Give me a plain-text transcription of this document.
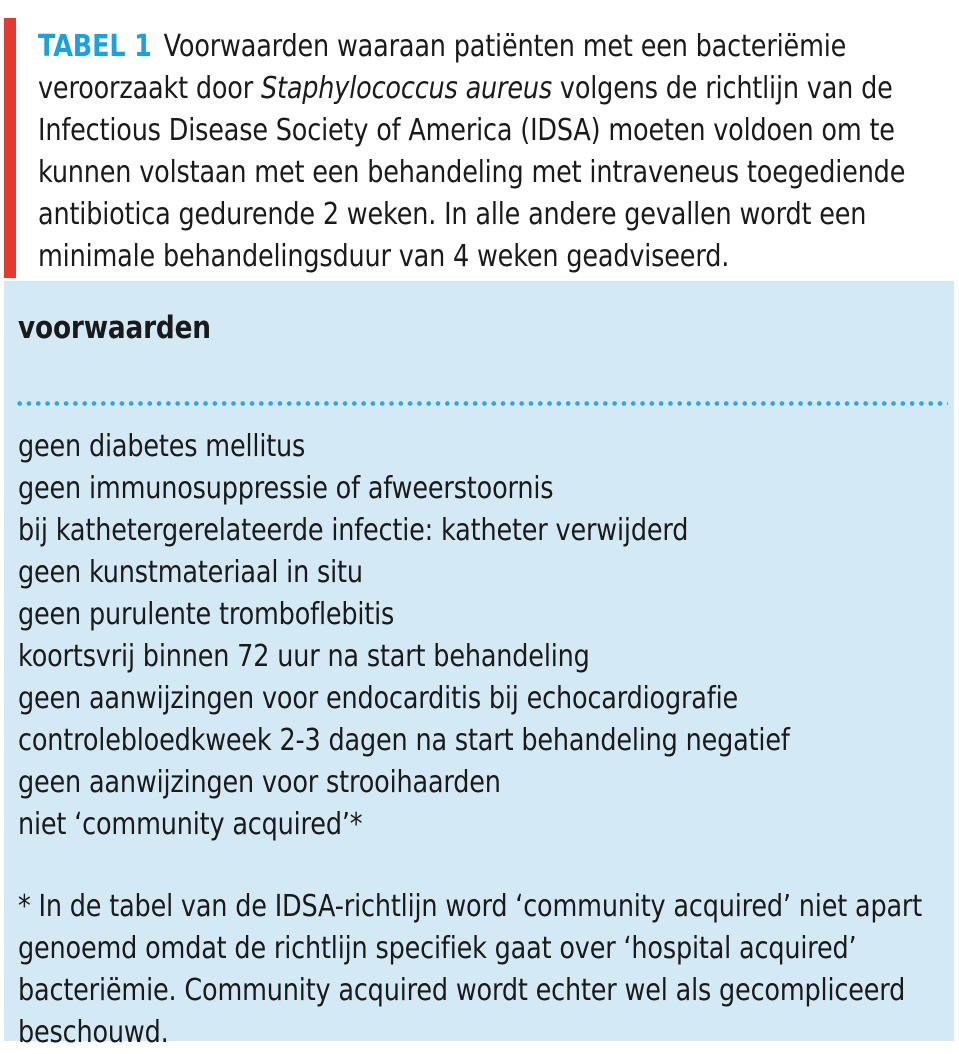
TABEL 1 Voorwaarden waaraan patiënten met een bacteriëmie veroorzaakt door Staphylococcus aureus volgens de richtlijn van de Infectious Disease Society of America (IDSA) moeten voldoen om te kunnen volstaan met een behandeling met intraveneus toegediende antibiotica gedurende 2 weken. In alle andere gevallen wordt een minimale behandelingsduur van 4 weken geadviseerd.

voorwaarden
geen diabetes mellitus
geen immunosuppressie of afweerstoornis
bij kathetergerelateerde infectie: katheter verwijderd
geen kunstmateriaal in situ
geen purulente tromboflebitis
koortsvrij binnen 72 uur na start behandeling
geen aanwijzingen voor endocarditis bij echocardiografie
controlebloedkweek 2-3 dagen na start behandeling negatief
geen aanwijzingen voor strooihaarden
niet ‘community acquired’*

* In de tabel van de IDSA-richtlijn word ‘community acquired’ niet apart genoemd omdat de richtlijn specifiek gaat over ‘hospital acquired’ bacteriëmie. Community acquired wordt echter wel als gecompliceerd beschouwd.
